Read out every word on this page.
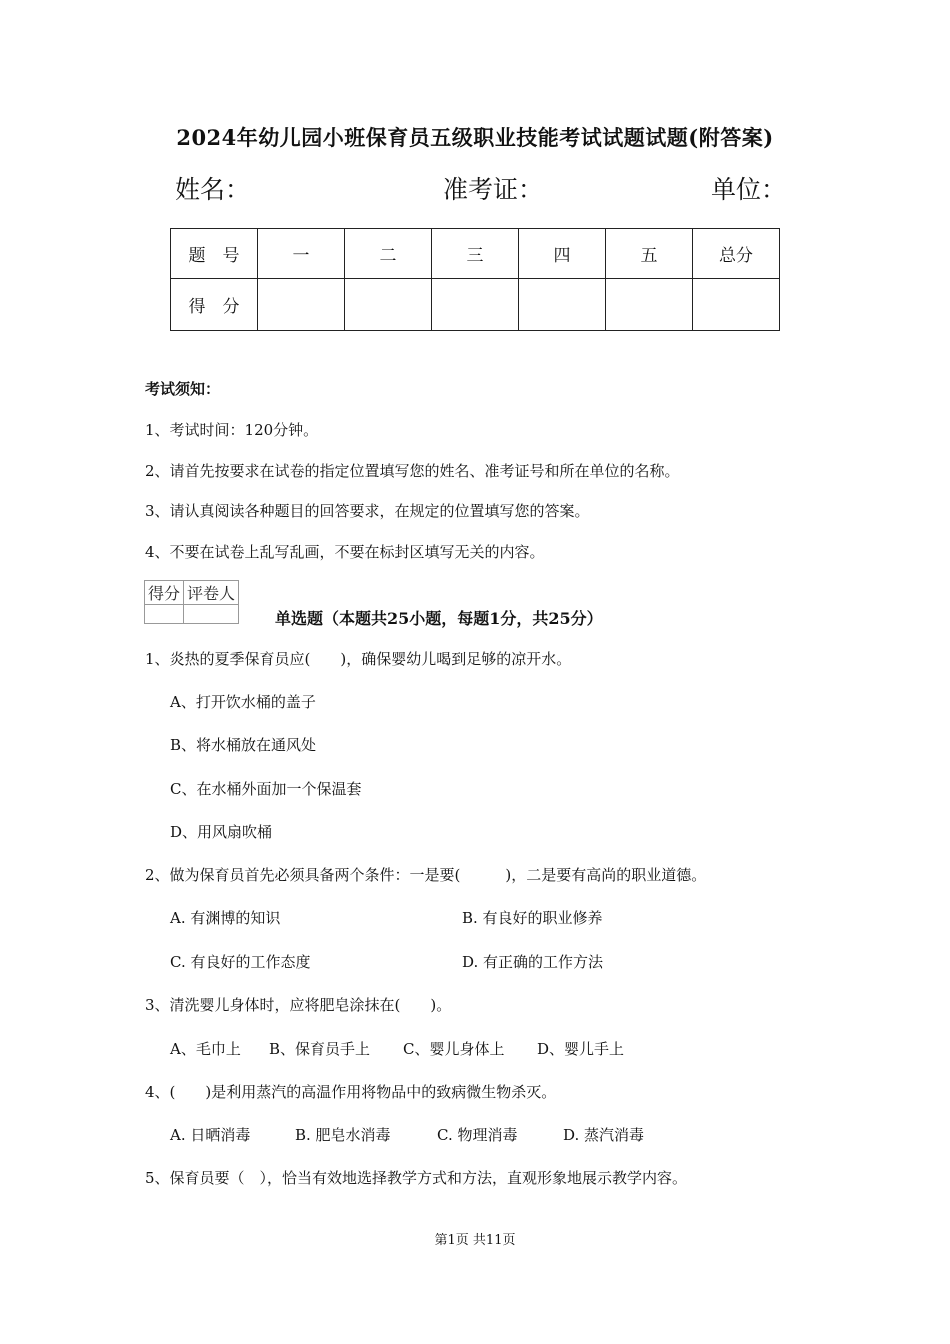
2024年幼儿园小班保育员五级职业技能考试试题试题(附答案)
姓名：	准考证：	单位：
题　号	一	二	三	四	五	总分
得　分						
考试须知：
1、考试时间：120分钟。
2、请首先按要求在试卷的指定位置填写您的姓名、准考证号和所在单位的名称。
3、请认真阅读各种题目的回答要求，在规定的位置填写您的答案。
4、不要在试卷上乱写乱画，不要在标封区填写无关的内容。
得分	评卷人

单选题（本题共25小题，每题1分，共25分）
1、炎热的夏季保育员应(　　)，确保婴幼儿喝到足够的凉开水。
A、打开饮水桶的盖子
B、将水桶放在通风处
C、在水桶外面加一个保温套
D、用风扇吹桶
2、做为保育员首先必须具备两个条件：一是要(　　　)，二是要有高尚的职业道德。
A. 有渊博的知识	B. 有良好的职业修养
C. 有良好的工作态度	D. 有正确的工作方法
3、清洗婴儿身体时，应将肥皂涂抹在(　　)。
A、毛巾上 B、保育员手上 C、婴儿身体上 D、婴儿手上
4、(　　)是利用蒸汽的高温作用将物品中的致病微生物杀灭。
A. 日晒消毒	B. 肥皂水消毒	C. 物理消毒	D. 蒸汽消毒
5、保育员要（　），恰当有效地选择教学方式和方法，直观形象地展示教学内容。
第1页 共11页
